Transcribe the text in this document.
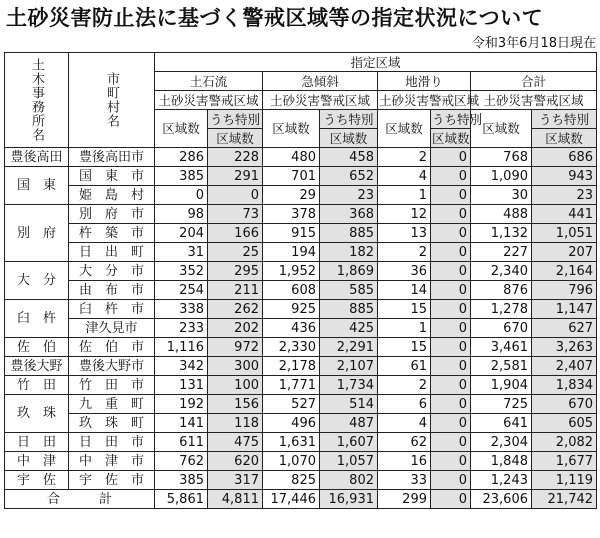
土砂災害防止法に基づく警戒区域等の指定状況について
令和3年6月18日現在
土木事務所名	市町村名	指定区域							
		土石流		急傾斜		地滑り		合計	
		土砂災害警戒区域		土砂災害警戒区域		土砂災害警戒区域		土砂災害警戒区域	
		区域数	うち特別	区域数	うち特別	区域数	うち特別	区域数	うち特別
			区域数		区域数		区域数		区域数
豊後高田	豊後高田市	286	228	480	458	2	0	768	686
国　東	国　東　市	385	291	701	652	4	0	1,090	943
	姫　島　村	0	0	29	23	1	0	30	23
別　府	別　府　市	98	73	378	368	12	0	488	441
	杵　築　市	204	166	915	885	13	0	1,132	1,051
	日　出　町	31	25	194	182	2	0	227	207
大　分	大　分　市	352	295	1,952	1,869	36	0	2,340	2,164
	由　布　市	254	211	608	585	14	0	876	796
臼　杵	臼　杵　市	338	262	925	885	15	0	1,278	1,147
	津久見市	233	202	436	425	1	0	670	627
佐　伯	佐　伯　市	1,116	972	2,330	2,291	15	0	3,461	3,263
豊後大野	豊後大野市	342	300	2,178	2,107	61	0	2,581	2,407
竹　田	竹　田　市	131	100	1,771	1,734	2	0	1,904	1,834
玖　珠	九　重　町	192	156	527	514	6	0	725	670
	玖　珠　町	141	118	496	487	4	0	641	605
日　田	日　田　市	611	475	1,631	1,607	62	0	2,304	2,082
中　津	中　津　市	762	620	1,070	1,057	16	0	1,848	1,677
宇　佐	宇　佐　市	385	317	825	802	33	0	1,243	1,119
合　　　計		5,861	4,811	17,446	16,931	299	0	23,606	21,742
